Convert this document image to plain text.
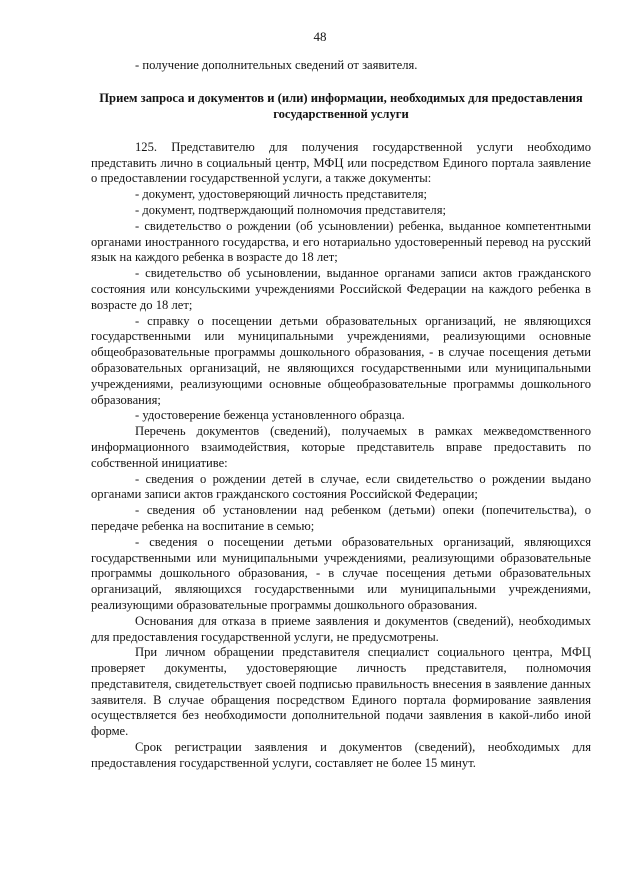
48

- получение дополнительных сведений от заявителя.

Прием запроса и документов и (или) информации, необходимых для предоставления государственной услуги

125. Представителю для получения государственной услуги необходимо представить лично в социальный центр, МФЦ или посредством Единого портала заявление о предоставлении государственной услуги, а также документы:

- документ, удостоверяющий личность представителя;

- документ, подтверждающий полномочия представителя;

- свидетельство о рождении (об усыновлении) ребенка, выданное компетентными органами иностранного государства, и его нотариально удостоверенный перевод на русский язык на каждого ребенка в возрасте до 18 лет;

- свидетельство об усыновлении, выданное органами записи актов гражданского состояния или консульскими учреждениями Российской Федерации на каждого ребенка в возрасте до 18 лет;

- справку о посещении детьми образовательных организаций, не являющихся государственными или муниципальными учреждениями, реализующими основные общеобразовательные программы дошкольного образования, - в случае посещения детьми образовательных организаций, не являющихся государственными или муниципальными учреждениями, реализующими основные общеобразовательные программы дошкольного образования;

- удостоверение беженца установленного образца.

Перечень документов (сведений), получаемых в рамках межведомственного информационного взаимодействия, которые представитель вправе предоставить по собственной инициативе:

- сведения о рождении детей в случае, если свидетельство о рождении выдано органами записи актов гражданского состояния Российской Федерации;

- сведения об установлении над ребенком (детьми) опеки (попечительства), о передаче ребенка на воспитание в семью;

- сведения о посещении детьми образовательных организаций, являющихся государственными или муниципальными учреждениями, реализующими образовательные программы дошкольного образования, - в случае посещения детьми образовательных организаций, являющихся государственными или муниципальными учреждениями, реализующими образовательные программы дошкольного образования.

Основания для отказа в приеме заявления и документов (сведений), необходимых для предоставления государственной услуги, не предусмотрены.

При личном обращении представителя специалист социального центра, МФЦ проверяет документы, удостоверяющие личность представителя, полномочия представителя, свидетельствует своей подписью правильность внесения в заявление данных заявителя. В случае обращения посредством Единого портала формирование заявления осуществляется без необходимости дополнительной подачи заявления в какой-либо иной форме.

Срок регистрации заявления и документов (сведений), необходимых для предоставления государственной услуги, составляет не более 15 минут.
